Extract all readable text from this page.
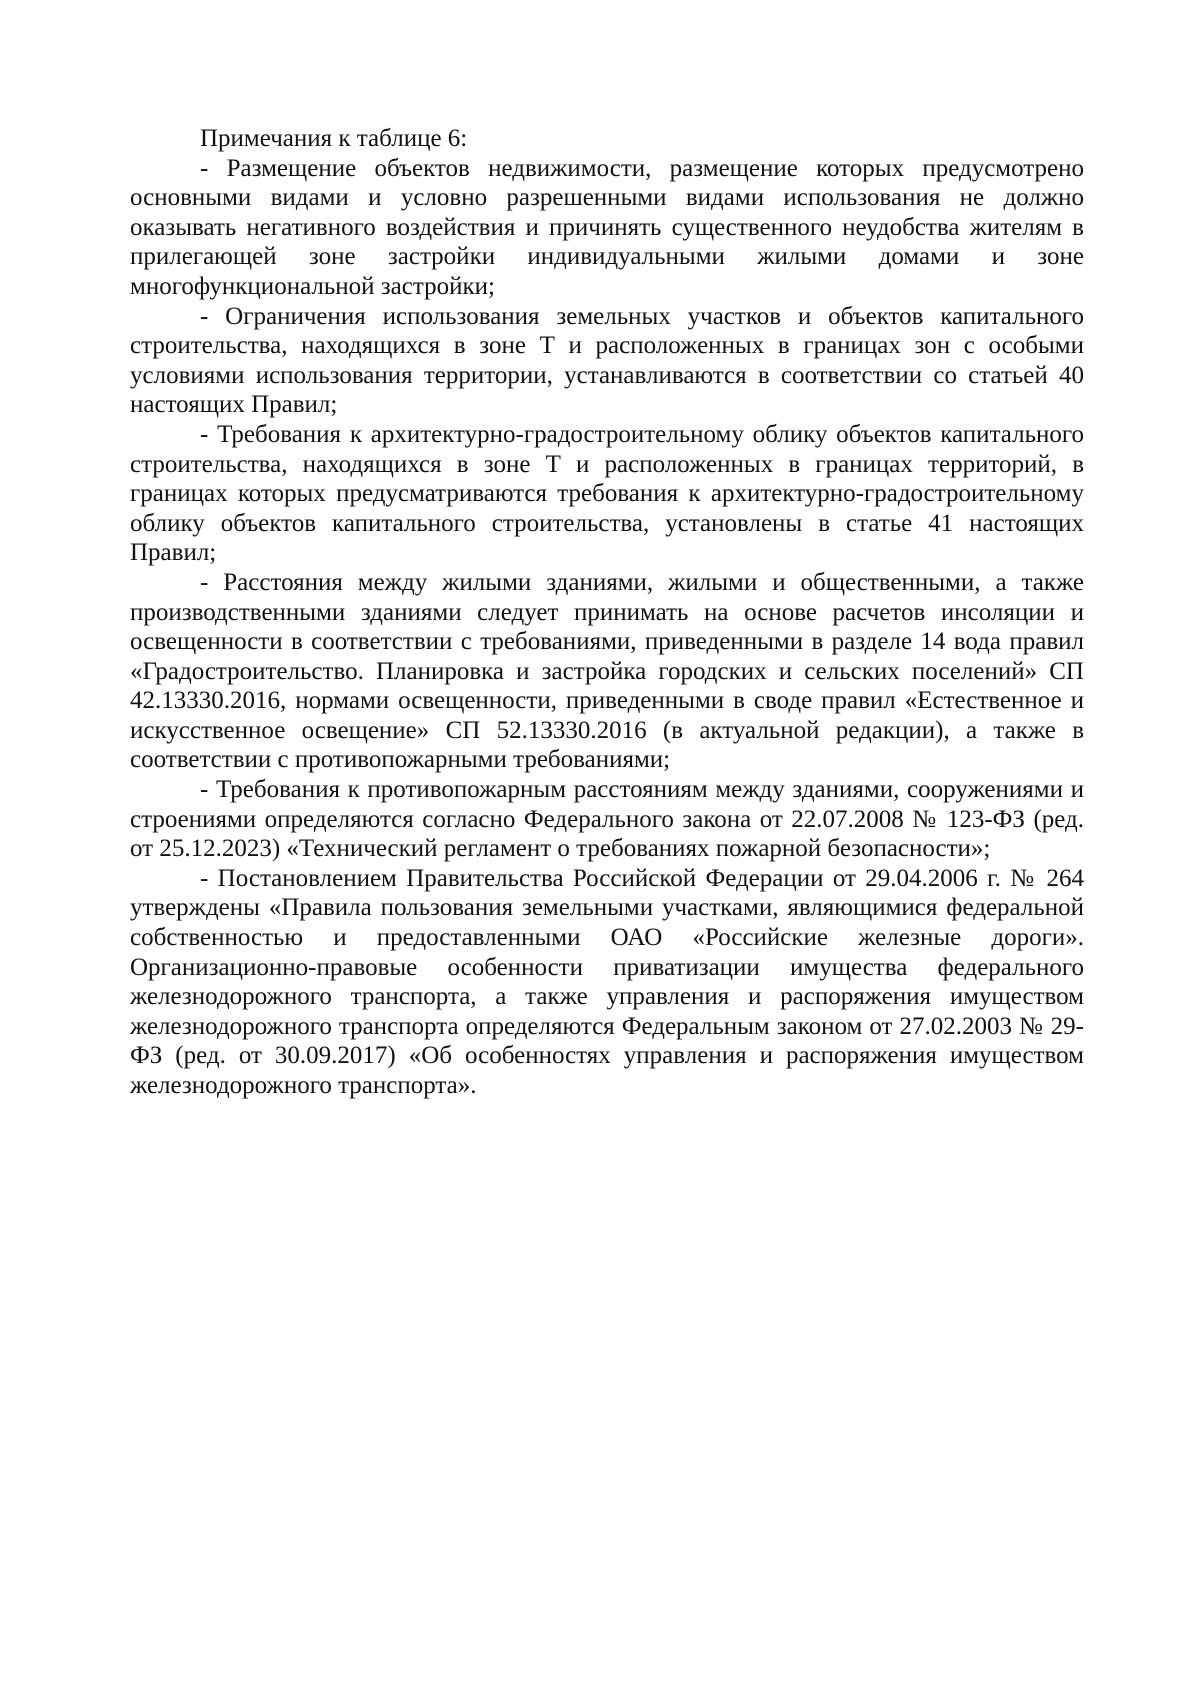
Примечания к таблице 6:

- Размещение объектов недвижимости, размещение которых предусмотрено основными видами и условно разрешенными видами использования не должно оказывать негативного воздействия и причинять существенного неудобства жителям в прилегающей зоне застройки индивидуальными жилыми домами и зоне многофункциональной застройки;

- Ограничения использования земельных участков и объектов капитального строительства, находящихся в зоне Т и расположенных в границах зон с особыми условиями использования территории, устанавливаются в соответствии со статьей 40 настоящих Правил;

- Требования к архитектурно-градостроительному облику объектов капитального строительства, находящихся в зоне Т и расположенных в границах территорий, в границах которых предусматриваются требования к архитектурно-градостроительному облику объектов капитального строительства, установлены в статье 41 настоящих Правил;

- Расстояния между жилыми зданиями, жилыми и общественными, а также производственными зданиями следует принимать на основе расчетов инсоляции и освещенности в соответствии с требованиями, приведенными в разделе 14 вода правил «Градостроительство. Планировка и застройка городских и сельских поселений» СП 42.13330.2016, нормами освещенности, приведенными в своде правил «Естественное и искусственное освещение» СП 52.13330.2016 (в актуальной редакции), а также в соответствии с противопожарными требованиями;

- Требования к противопожарным расстояниям между зданиями, сооружениями и строениями определяются согласно Федерального закона от 22.07.2008 № 123-ФЗ (ред. от 25.12.2023) «Технический регламент о требованиях пожарной безопасности»;

- Постановлением Правительства Российской Федерации от 29.04.2006 г. № 264 утверждены «Правила пользования земельными участками, являющимися федеральной собственностью и предоставленными ОАО «Российские железные дороги». Организационно-правовые особенности приватизации имущества федерального железнодорожного транспорта, а также управления и распоряжения имуществом железнодорожного транспорта определяются Федеральным законом от 27.02.2003 № 29-ФЗ (ред. от 30.09.2017) «Об особенностях управления и распоряжения имуществом железнодорожного транспорта».
